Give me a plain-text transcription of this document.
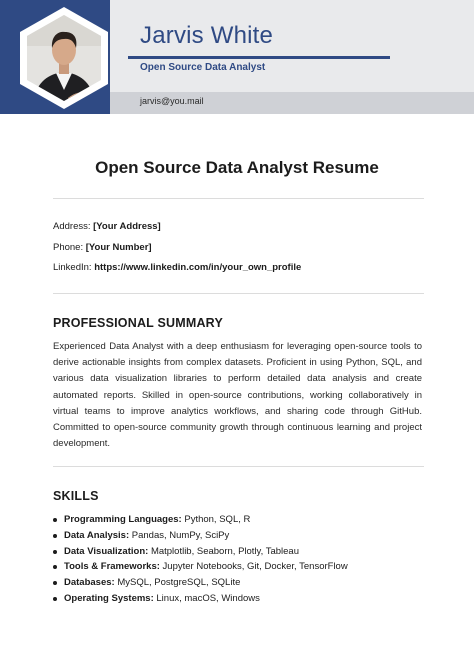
Jarvis White
Open Source Data Analyst
jarvis@you.mail
Open Source Data Analyst Resume
Address: [Your Address]
Phone: [Your Number]
LinkedIn: https://www.linkedin.com/in/your_own_profile
PROFESSIONAL SUMMARY

Experienced Data Analyst with a deep enthusiasm for leveraging open-source tools to derive actionable insights from complex datasets. Proficient in using Python, SQL, and various data visualization libraries to perform detailed data analysis and create automated reports. Skilled in open-source contributions, working collaboratively in virtual teams to improve analytics workflows, and sharing code through GitHub. Committed to open-source community growth through continuous learning and project development.

SKILLS
Programming Languages: Python, SQL, R
Data Analysis: Pandas, NumPy, SciPy
Data Visualization: Matplotlib, Seaborn, Plotly, Tableau
Tools & Frameworks: Jupyter Notebooks, Git, Docker, TensorFlow
Databases: MySQL, PostgreSQL, SQLite
Operating Systems: Linux, macOS, Windows
